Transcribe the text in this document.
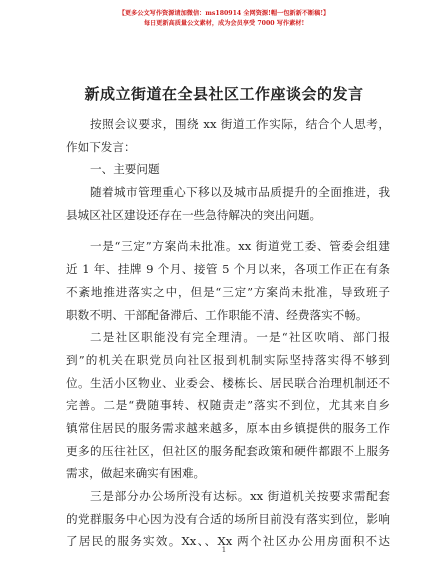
【更多公文写作资源请加微信：ms180914 全网资源!帽一包新新不断稿!】
每日更新高质量公文素材，成为会员享受 7000 写作素材!
新成立街道在全县社区工作座谈会的发言
按照会议要求，围绕 xx 街道工作实际，结合个人思考，
作如下发言：
一、主要问题
随着城市管理重心下移以及城市品质提升的全面推进，我
县城区社区建设还存在一些急待解决的突出问题。
一是“三定”方案尚未批准。xx 街道党工委、管委会组建
近 1 年、挂牌 9 个月、接管 5 个月以来，各项工作正在有条
不紊地推进落实之中，但是“三定”方案尚未批准，导致班子
职数不明、干部配备滞后、工作职能不清、经费落实不畅。
二是社区职能没有完全理清。一是“社区吹哨、部门报
到”的机关在职党员向社区报到机制实际坚持落实得不够到
位。生活小区物业、业委会、楼栋长、居民联合治理机制还不
完善。二是“费随事转、权随责走”落实不到位，尤其来自乡
镇常住居民的服务需求越来越多，原本由乡镇提供的服务工作
更多的压往社区，但社区的服务配套政策和硬件都跟不上服务
需求，做起来确实有困难。
三是部分办公场所没有达标。xx 街道机关按要求需配套
的党群服务中心因为没有合适的场所目前没有落实到位，影响
了居民的服务实效。Xx、、Xx 两个社区办公用房面积不达
1
